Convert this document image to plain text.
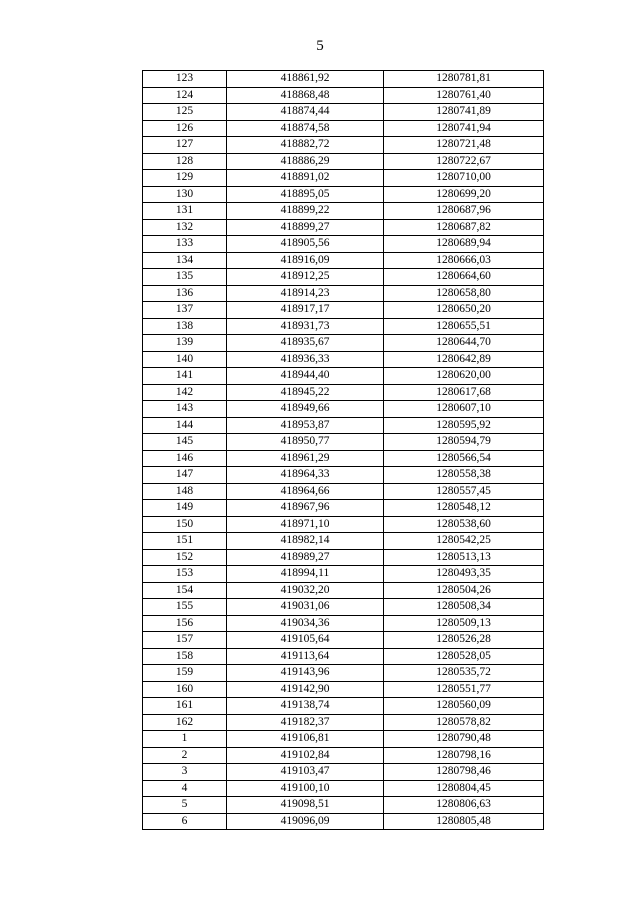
5
123	418861,92	1280781,81
124	418868,48	1280761,40
125	418874,44	1280741,89
126	418874,58	1280741,94
127	418882,72	1280721,48
128	418886,29	1280722,67
129	418891,02	1280710,00
130	418895,05	1280699,20
131	418899,22	1280687,96
132	418899,27	1280687,82
133	418905,56	1280689,94
134	418916,09	1280666,03
135	418912,25	1280664,60
136	418914,23	1280658,80
137	418917,17	1280650,20
138	418931,73	1280655,51
139	418935,67	1280644,70
140	418936,33	1280642,89
141	418944,40	1280620,00
142	418945,22	1280617,68
143	418949,66	1280607,10
144	418953,87	1280595,92
145	418950,77	1280594,79
146	418961,29	1280566,54
147	418964,33	1280558,38
148	418964,66	1280557,45
149	418967,96	1280548,12
150	418971,10	1280538,60
151	418982,14	1280542,25
152	418989,27	1280513,13
153	418994,11	1280493,35
154	419032,20	1280504,26
155	419031,06	1280508,34
156	419034,36	1280509,13
157	419105,64	1280526,28
158	419113,64	1280528,05
159	419143,96	1280535,72
160	419142,90	1280551,77
161	419138,74	1280560,09
162	419182,37	1280578,82
1	419106,81	1280790,48
2	419102,84	1280798,16
3	419103,47	1280798,46
4	419100,10	1280804,45
5	419098,51	1280806,63
6	419096,09	1280805,48
